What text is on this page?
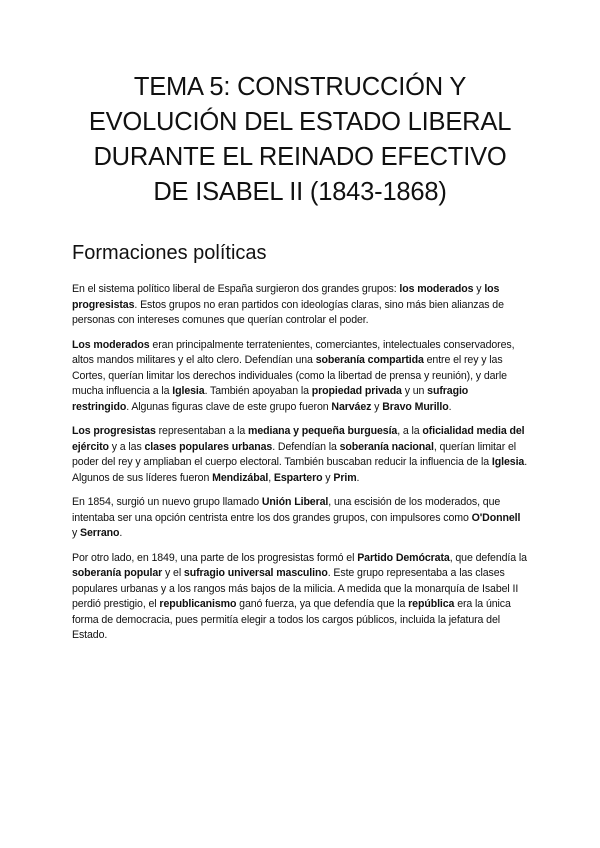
TEMA 5: CONSTRUCCIÓN Y
EVOLUCIÓN DEL ESTADO LIBERAL
DURANTE EL REINADO EFECTIVO
DE ISABEL II (1843-1868)
Formaciones políticas

En el sistema político liberal de España surgieron dos grandes grupos: los moderados y los progresistas. Estos grupos no eran partidos con ideologías claras, sino más bien alianzas de personas con intereses comunes que querían controlar el poder.

Los moderados eran principalmente terratenientes, comerciantes, intelectuales conservadores, altos mandos militares y el alto clero. Defendían una soberanía compartida entre el rey y las Cortes, querían limitar los derechos individuales (como la libertad de prensa y reunión), y darle mucha influencia a la Iglesia. También apoyaban la propiedad privada y un sufragio restringido. Algunas figuras clave de este grupo fueron Narváez y Bravo Murillo.

Los progresistas representaban a la mediana y pequeña burguesía, a la oficialidad media del ejército y a las clases populares urbanas. Defendían la soberanía nacional, querían limitar el poder del rey y ampliaban el cuerpo electoral. También buscaban reducir la influencia de la Iglesia. Algunos de sus líderes fueron Mendizábal, Espartero y Prim.

En 1854, surgió un nuevo grupo llamado Unión Liberal, una escisión de los moderados, que intentaba ser una opción centrista entre los dos grandes grupos, con impulsores como O'Donnell y Serrano.

Por otro lado, en 1849, una parte de los progresistas formó el Partido Demócrata, que defendía la soberanía popular y el sufragio universal masculino. Este grupo representaba a las clases populares urbanas y a los rangos más bajos de la milicia. A medida que la monarquía de Isabel II perdió prestigio, el republicanismo ganó fuerza, ya que defendía que la república era la única forma de democracia, pues permitía elegir a todos los cargos públicos, incluida la jefatura del Estado.
